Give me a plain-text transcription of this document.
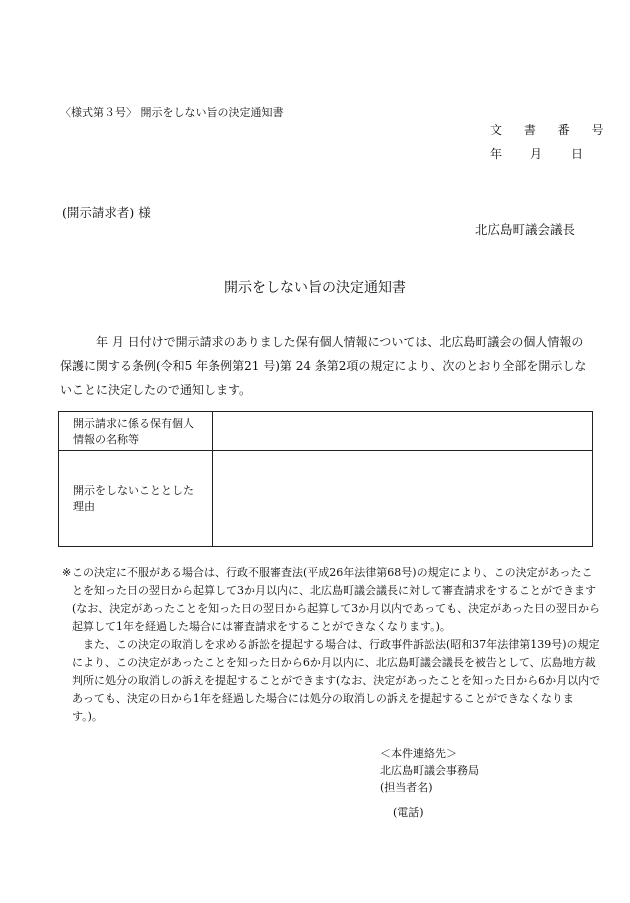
〈様式第３号〉 開示をしない旨の決定通知書
文 書 番 号
年 月 日
(開示請求者) 様
北広島町議会議長
開示をしない旨の決定通知書

年 月 日付けで開示請求のありました保有個人情報については、北広島町議会の個人情報の保護に関する条例(令和5 年条例第21 号)第 24 条第2項の規定により、次のとおり全部を開示しないことに決定したので通知します。

開示請求に係る保有個人情報の名称等	
開示をしないこととした理由	
※ この決定に不服がある場合は、行政不服審査法(平成26年法律第68号)の規定により、この決定があったことを知った日の翌日から起算して3か月以内に、北広島町議会議長に対して審査請求をすることができます(なお、決定があったことを知った日の翌日から起算して3か月以内であっても、決定があった日の翌日から起算して1年を経過した場合には審査請求をすることができなくなります。)。

また、この決定の取消しを求める訴訟を提起する場合は、行政事件訴訟法(昭和37年法律第139号)の規定により、この決定があったことを知った日から6か月以内に、北広島町議会議長を被告として、広島地方裁判所に処分の取消しの訴えを提起することができます(なお、決定があったことを知った日から6か月以内であっても、決定の日から1年を経過した場合には処分の取消しの訴えを提起することができなくなります。)。

＜本件連絡先＞
北広島町議会事務局
(担当者名)
(電話)
